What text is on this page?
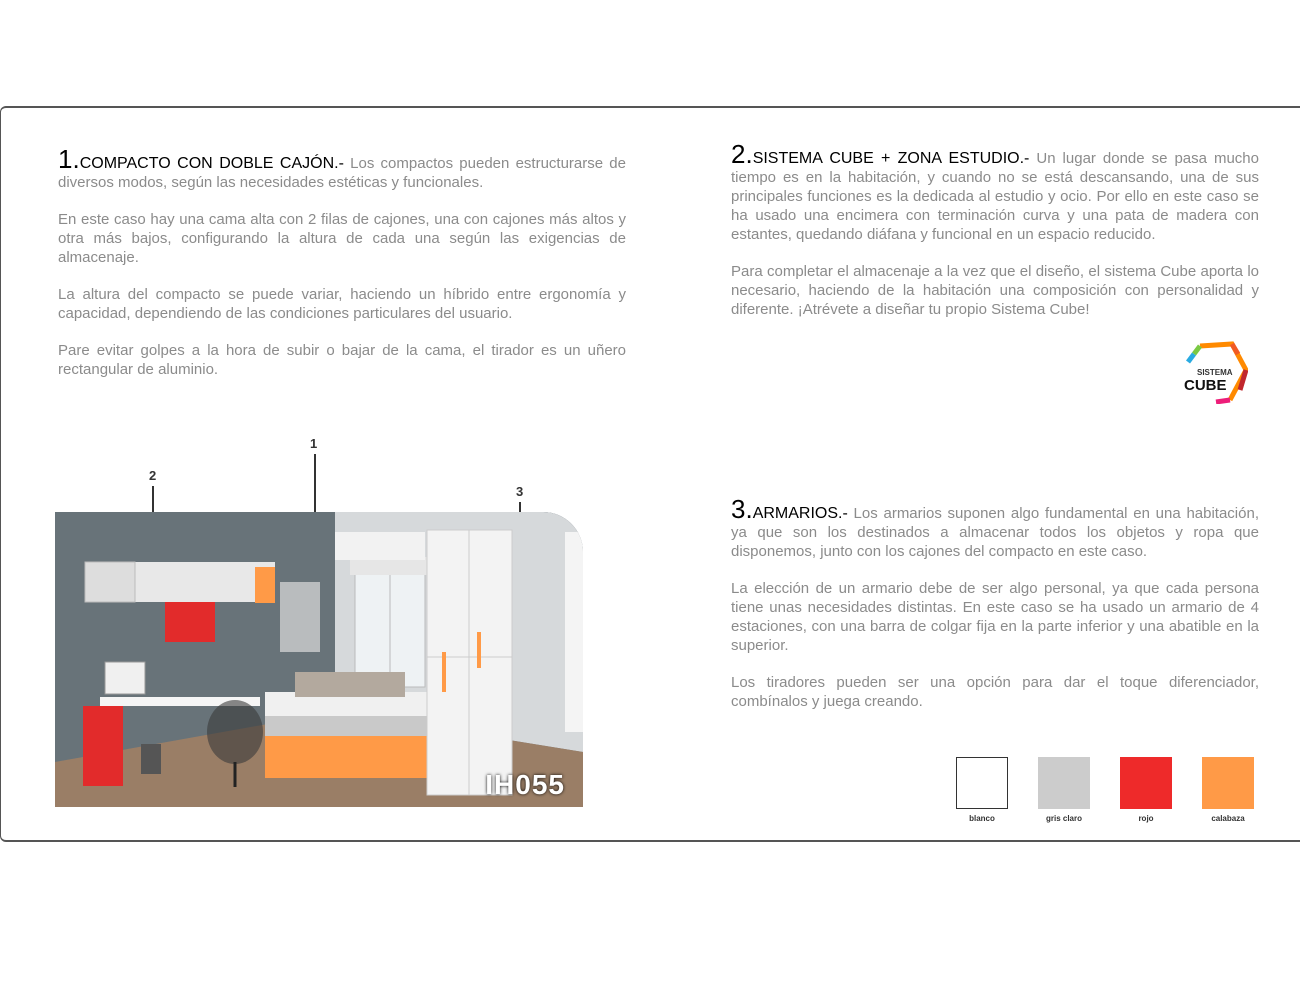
1.COMPACTO CON DOBLE CAJÓN.- Los compactos pueden estructurarse de diversos modos, según las necesidades estéticas y funcionales.

En este caso hay una cama alta con 2 filas de cajones, una con cajones más altos y otra más bajos, configurando la altura de cada una según las exigencias de almacenaje.

La altura del compacto se puede variar, haciendo un híbrido entre ergonomía y capacidad, dependiendo de las condiciones particulares del usuario.

Pare evitar golpes a la hora de subir o bajar de la cama, el tirador es un uñero rectangular de aluminio.

2.SISTEMA CUBE + ZONA ESTUDIO.- Un lugar donde se pasa mucho tiempo es en la habitación, y cuando no se está descansando, una de sus principales funciones es la dedicada al estudio y ocio. Por ello en este caso se ha usado una encimera con terminación curva y una pata de madera con estantes, quedando diáfana y funcional en un espacio reducido.

Para completar el almacenaje a la vez que el diseño, el sistema Cube aporta lo necesario, haciendo de la habitación una composición con personalidad y diferente. ¡Atrévete a diseñar tu propio Sistema Cube!

SISTEMA
CUBE

3.ARMARIOS.- Los armarios suponen algo fundamental en una habitación, ya que son los destinados a almacenar todos los objetos y ropa que disponemos, junto con los cajones del compacto en este caso.

La elección de un armario debe de ser algo personal, ya que cada persona tiene unas necesidades distintas. En este caso se ha usado un armario de 4 estaciones, con una barra de colgar fija en la parte inferior y una abatible en la superior.

Los tiradores pueden ser una opción para dar el toque diferenciador, combínalos y juega creando.

1
2
3
IH055
blanco	gris claro	rojo	calabaza
